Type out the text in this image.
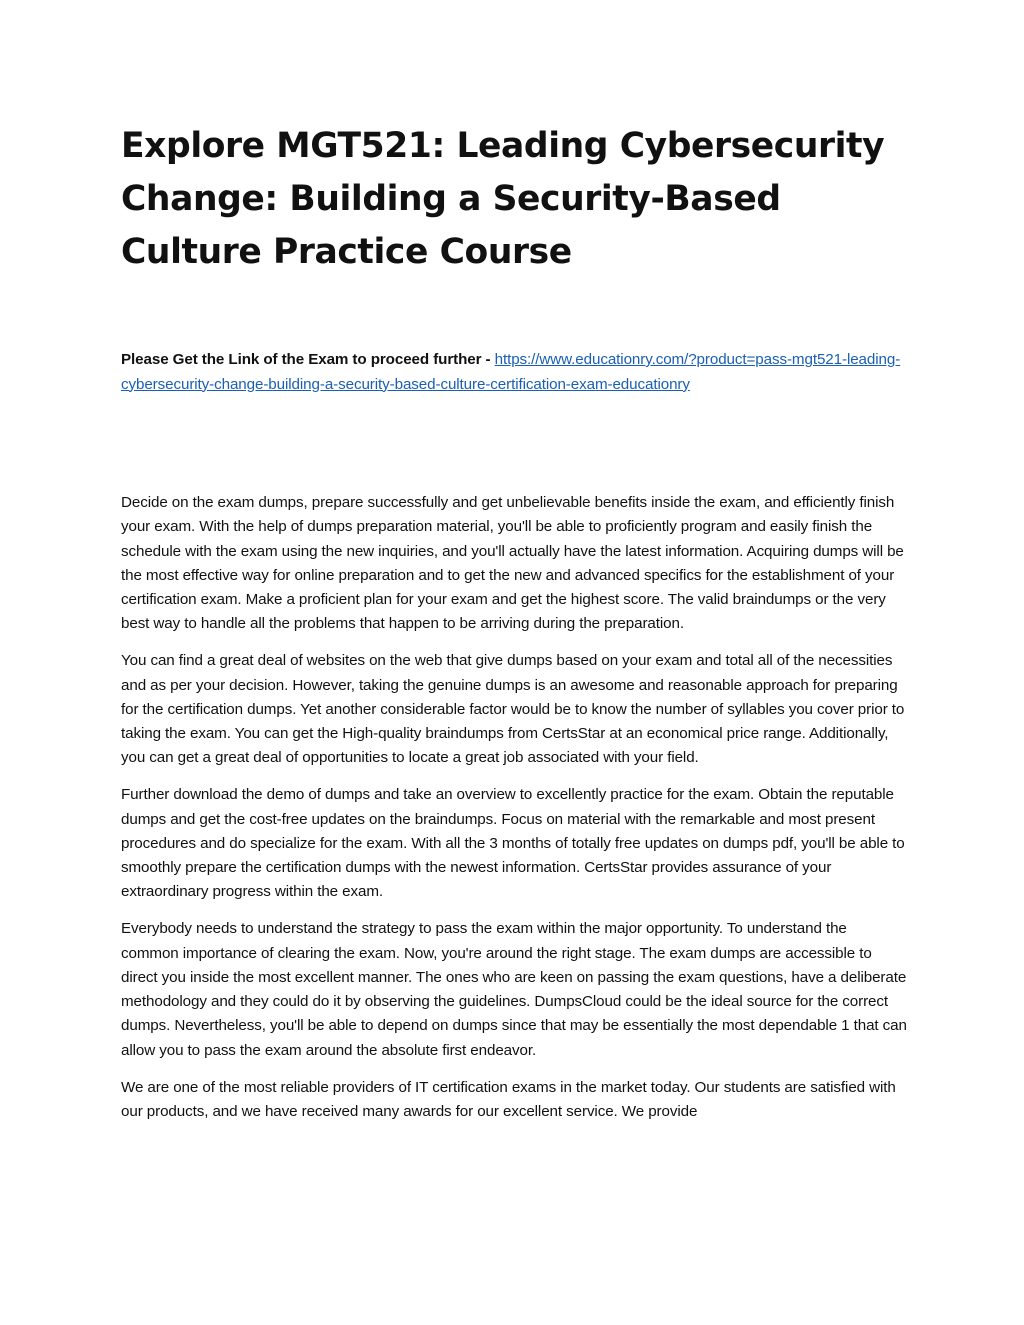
Explore MGT521: Leading Cybersecurity Change: Building a Security-Based Culture Practice Course

Please Get the Link of the Exam to proceed further - https://www.educationry.com/?product=pass-mgt521-leading-cybersecurity-change-building-a-security-based-culture-certification-exam-educationry

Decide on the exam dumps, prepare successfully and get unbelievable benefits inside the exam, and efficiently finish your exam. With the help of dumps preparation material, you'll be able to proficiently program and easily finish the schedule with the exam using the new inquiries, and you'll actually have the latest information. Acquiring dumps will be the most effective way for online preparation and to get the new and advanced specifics for the establishment of your certification exam. Make a proficient plan for your exam and get the highest score. The valid braindumps or the very best way to handle all the problems that happen to be arriving during the preparation.

You can find a great deal of websites on the web that give dumps based on your exam and total all of the necessities and as per your decision. However, taking the genuine dumps is an awesome and reasonable approach for preparing for the certification dumps. Yet another considerable factor would be to know the number of syllables you cover prior to taking the exam. You can get the High-quality braindumps from CertsStar at an economical price range. Additionally, you can get a great deal of opportunities to locate a great job associated with your field.

Further download the demo of dumps and take an overview to excellently practice for the exam. Obtain the reputable dumps and get the cost-free updates on the braindumps. Focus on material with the remarkable and most present procedures and do specialize for the exam. With all the 3 months of totally free updates on dumps pdf, you'll be able to smoothly prepare the certification dumps with the newest information. CertsStar provides assurance of your extraordinary progress within the exam.

Everybody needs to understand the strategy to pass the exam within the major opportunity. To understand the common importance of clearing the exam. Now, you're around the right stage. The exam dumps are accessible to direct you inside the most excellent manner. The ones who are keen on passing the exam questions, have a deliberate methodology and they could do it by observing the guidelines. DumpsCloud could be the ideal source for the correct dumps. Nevertheless, you'll be able to depend on dumps since that may be essentially the most dependable 1 that can allow you to pass the exam around the absolute first endeavor.

We are one of the most reliable providers of IT certification exams in the market today. Our students are satisfied with our products, and we have received many awards for our excellent service. We provide
